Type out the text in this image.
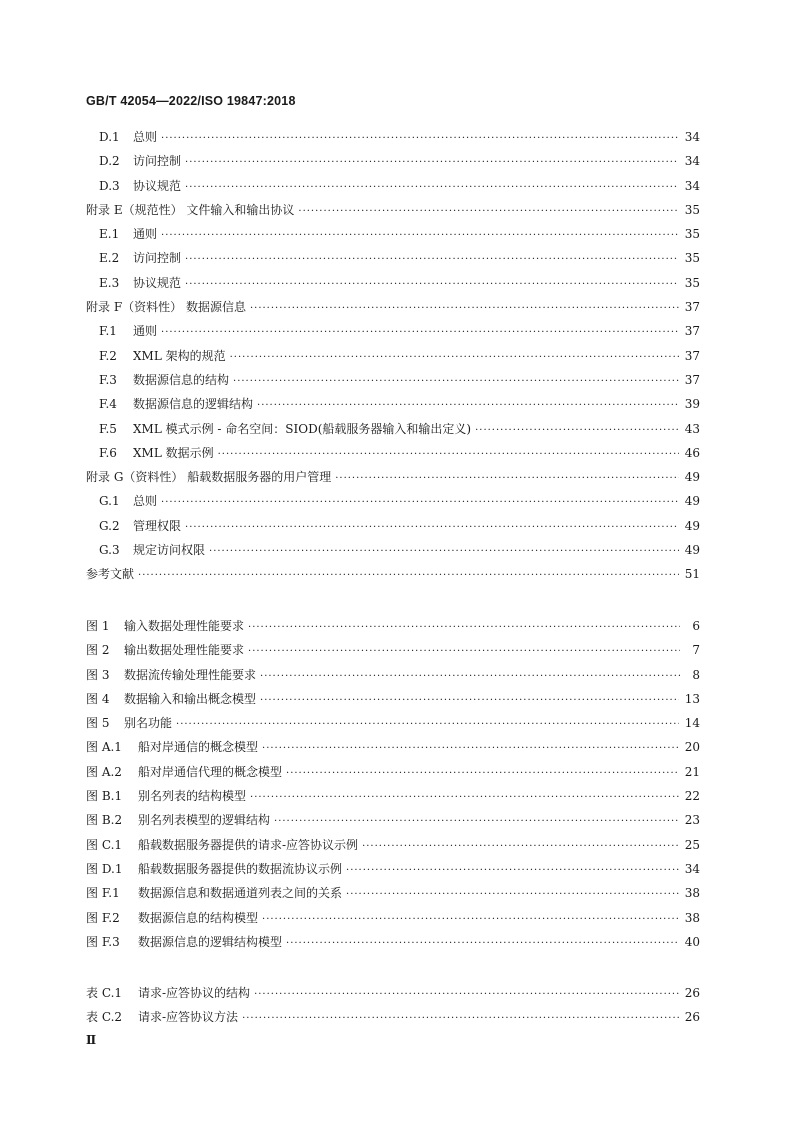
GB/T 42054—2022/ISO 19847:2018
D.1	总则 ·····	34
D.2	访问控制 ·····	34
D.3	协议规范 ·····	34
附录 E（规范性） 文件输入和输出协议 ·····	35
E.1	通则 ·····	35
E.2	访问控制 ·····	35
E.3	协议规范 ·····	35
附录 F（资料性） 数据源信息 ·····	37
F.1	通则 ·····	37
F.2	XML 架构的规范 ·····	37
F.3	数据源信息的结构 ·····	37
F.4	数据源信息的逻辑结构 ·····	39
F.5	XML 模式示例 - 命名空间：SIOD(船载服务器输入和输出定义) ·····	43
F.6	XML 数据示例 ·····	46
附录 G（资料性） 船载数据服务器的用户管理 ·····	49
G.1	总则 ·····	49
G.2	管理权限 ·····	49
G.3	规定访问权限 ·····	49
参考文献 ·····	51
图 1	输入数据处理性能要求 ·····	6
图 2	输出数据处理性能要求 ·····	7
图 3	数据流传输处理性能要求 ·····	8
图 4	数据输入和输出概念模型 ·····	13
图 5	别名功能 ·····	14
图 A.1	船对岸通信的概念模型 ·····	20
图 A.2	船对岸通信代理的概念模型 ·····	21
图 B.1	别名列表的结构模型 ·····	22
图 B.2	别名列表模型的逻辑结构 ·····	23
图 C.1	船载数据服务器提供的请求-应答协议示例 ·····	25
图 D.1	船载数据服务器提供的数据流协议示例 ·····	34
图 F.1	数据源信息和数据通道列表之间的关系 ·····	38
图 F.2	数据源信息的结构模型 ·····	38
图 F.3	数据源信息的逻辑结构模型 ·····	40
表 C.1	请求-应答协议的结构 ·····	26
表 C.2	请求-应答协议方法 ·····	26
Ⅱ
